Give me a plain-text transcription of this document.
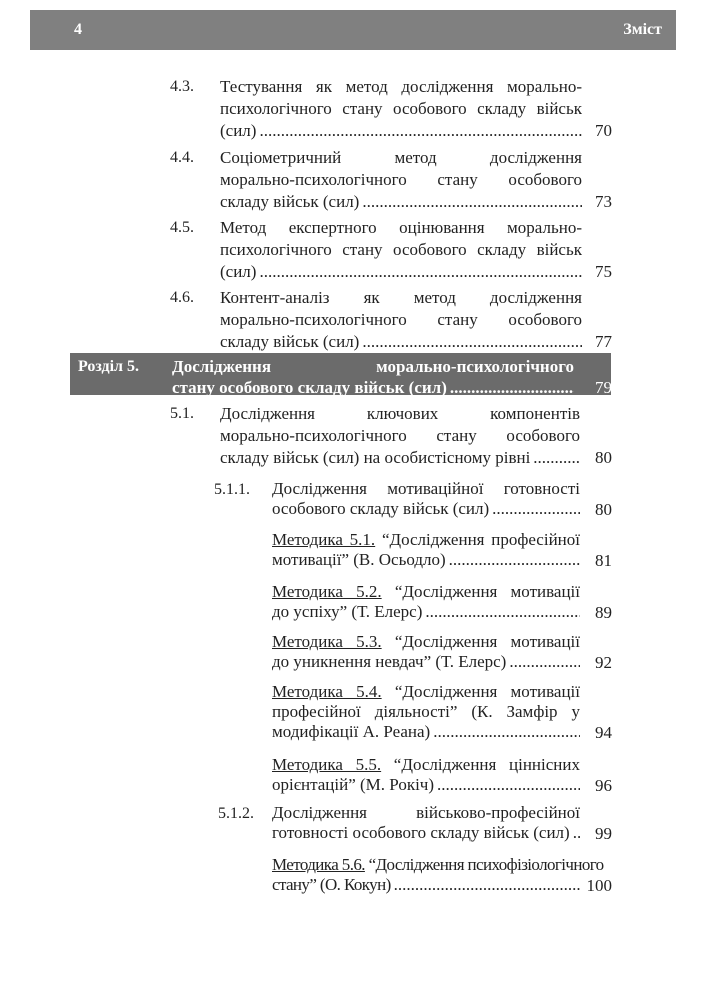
4	Зміст
4.3. Тестування як метод дослідження морально-
психологічного стану особового складу військ
(сил) .....	70
4.4. Соціометричний метод дослідження
морально-психологічного стану особового
складу військ (сил) .....	73
4.5. Метод експертного оцінювання морально-
психологічного стану особового складу військ
(сил) .....	75
4.6. Контент-аналіз як метод дослідження
морально-психологічного стану особового
складу військ (сил) .....	77
Розділ 5. Дослідження морально-психологічного
стану особового складу військ (сил) .....	79
5.1. Дослідження ключових компонентів
морально-психологічного стану особового
складу військ (сил) на особистісному рівні .....	80
5.1.1. Дослідження мотиваційної готовності
особового складу військ (сил) .....	80
Методика 5.1. “Дослідження професійної
мотивації” (В. Осьодло) .....	81
Методика 5.2. “Дослідження мотивації
до успіху” (Т. Елерс) .....	89
Методика 5.3. “Дослідження мотивації
до уникнення невдач” (Т. Елерс) .....	92
Методика 5.4. “Дослідження мотивації
професійної діяльності” (К. Замфір у
модифікації А. Реана) .....	94
Методика 5.5. “Дослідження ціннісних
орієнтацій” (М. Рокіч) .....	96
5.1.2. Дослідження військово-професійної
готовності особового складу військ (сил) .....	99
Методика 5.6. “Дослідження психофізіологічного
стану” (О. Кокун) .....	100
